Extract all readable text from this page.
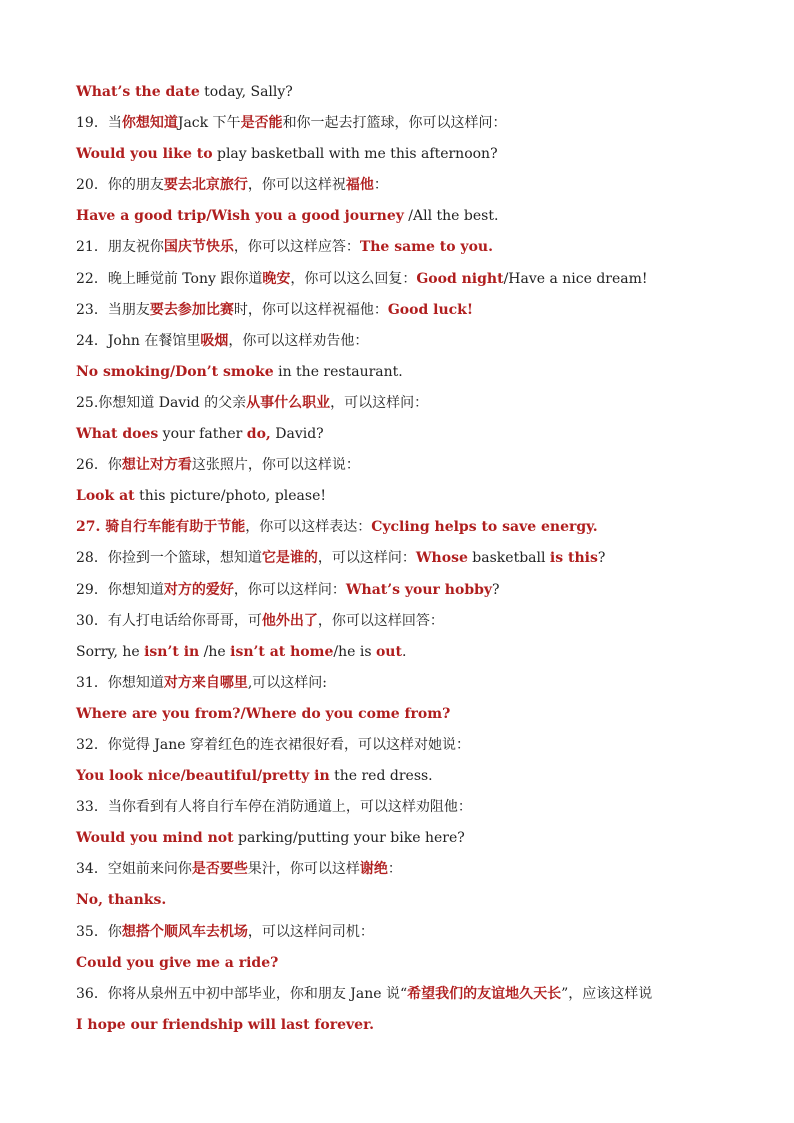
What’s the date today, Sally?
19．当你想知道Jack 下午是否能和你一起去打篮球，你可以这样问：
Would you like to play basketball with me this afternoon?
20．你的朋友要去北京旅行，你可以这样祝福他：
Have a good trip/Wish you a good journey /All the best.
21．朋友祝你国庆节快乐，你可以这样应答：The same to you.
22．晚上睡觉前 Tony 跟你道晚安，你可以这么回复：Good night/Have a nice dream!
23．当朋友要去参加比赛时，你可以这样祝福他：Good luck!
24．John 在餐馆里吸烟，你可以这样劝告他：
No smoking/Don’t smoke in the restaurant.
25.你想知道 David 的父亲从事什么职业，可以这样问：
What does your father do, David?
26．你想让对方看这张照片，你可以这样说：
Look at this picture/photo, please!
27. 骑自行车能有助于节能，你可以这样表达：Cycling helps to save energy.
28．你捡到一个篮球，想知道它是谁的，可以这样问：Whose basketball is this?
29．你想知道对方的爱好，你可以这样问：What’s your hobby?
30．有人打电话给你哥哥，可他外出了，你可以这样回答：
Sorry, he isn’t in /he isn’t at home/he is out.
31．你想知道对方来自哪里,可以这样问:
Where are you from?/Where do you come from?
32．你觉得 Jane 穿着红色的连衣裙很好看，可以这样对她说：
You look nice/beautiful/pretty in the red dress.
33．当你看到有人将自行车停在消防通道上，可以这样劝阻他：
Would you mind not parking/putting your bike here?
34．空姐前来问你是否要些果汁，你可以这样谢绝：
No, thanks.
35．你想搭个顺风车去机场，可以这样问司机：
Could you give me a ride?
36．你将从泉州五中初中部毕业，你和朋友 Jane 说“希望我们的友谊地久天长”，应该这样说
I hope our friendship will last forever.
